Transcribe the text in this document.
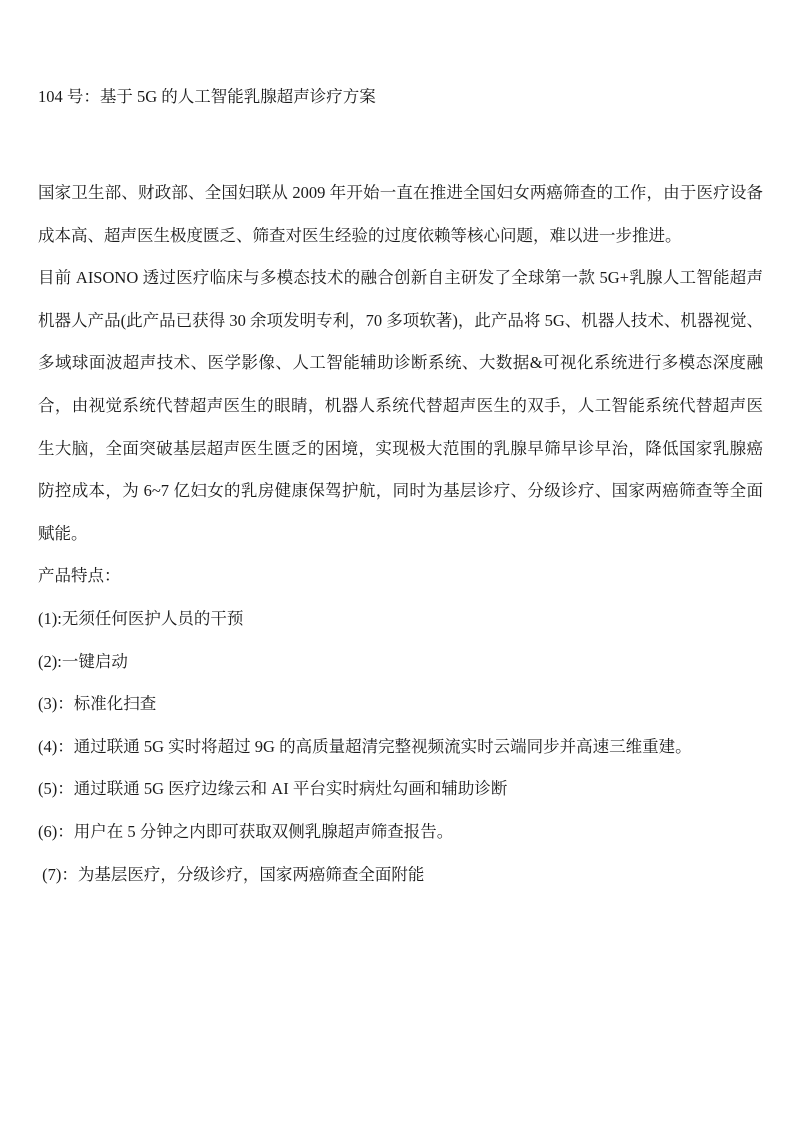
104 号：基于 5G 的人工智能乳腺超声诊疗方案

国家卫生部、财政部、全国妇联从 2009 年开始一直在推进全国妇女两癌筛查的工作，由于医疗设备成本高、超声医生极度匮乏、筛查对医生经验的过度依赖等核心问题，难以进一步推进。

目前 AISONO 透过医疗临床与多模态技术的融合创新自主研发了全球第一款 5G+乳腺人工智能超声机器人产品(此产品已获得 30 余项发明专利，70 多项软著)，此产品将 5G、机器人技术、机器视觉、多域球面波超声技术、医学影像、人工智能辅助诊断系统、大数据&可视化系统进行多模态深度融合，由视觉系统代替超声医生的眼睛，机器人系统代替超声医生的双手，人工智能系统代替超声医生大脑，全面突破基层超声医生匮乏的困境，实现极大范围的乳腺早筛早诊早治，降低国家乳腺癌防控成本，为 6~7 亿妇女的乳房健康保驾护航，同时为基层诊疗、分级诊疗、国家两癌筛查等全面赋能。

产品特点：

(1):无须任何医护人员的干预

(2):一键启动

(3)：标准化扫查

(4)：通过联通 5G 实时将超过 9G 的高质量超清完整视频流实时云端同步并高速三维重建。

(5)：通过联通 5G 医疗边缘云和 AI 平台实时病灶勾画和辅助诊断

(6)：用户在 5 分钟之内即可获取双侧乳腺超声筛查报告。

(7)：为基层医疗，分级诊疗，国家两癌筛查全面附能
